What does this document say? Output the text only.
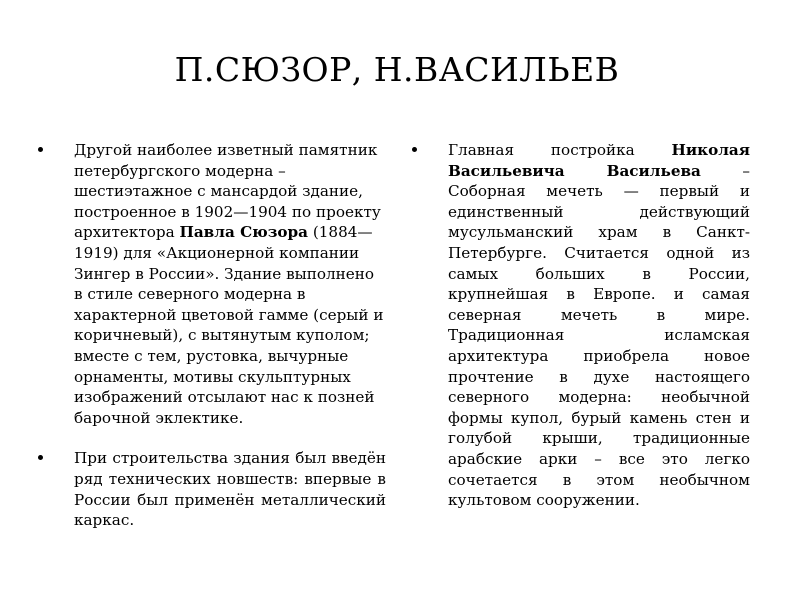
П.СЮЗОР, Н.ВАСИЛЬЕВ
Другой наиболее изветный памятник петербургского модерна – шестиэтажное с мансардой здание, построенное в 1902—1904 по проекту архитектора Павла Сюзора (1884—1919) для «Акционерной компании Зингер в России». Здание выполнено в стиле северного модерна в характерной цветовой гамме (серый и коричневый), с вытянутым куполом; вместе с тем, рустовка, вычурные орнаменты, мотивы скульптурных изображений отсылают нас к позней барочной эклектике.
При строительства здания был введён ряд технических новшеств: впервые в России был применён металлический каркас.
Главная постройка Николая Васильевича Васильева – Соборная мечеть — первый и единственный действующий мусульманский храм в Санкт-Петербурге. Считается одной из самых больших в России, крупнейшая в Европе. и самая северная мечеть в мире. Традиционная исламская архитектура приобрела новое прочтение в духе настоящего северного модерна: необычной формы купол, бурый камень стен и голубой крыши, традиционные арабские арки – все это легко сочетается в этом необычном культовом сооружении.
